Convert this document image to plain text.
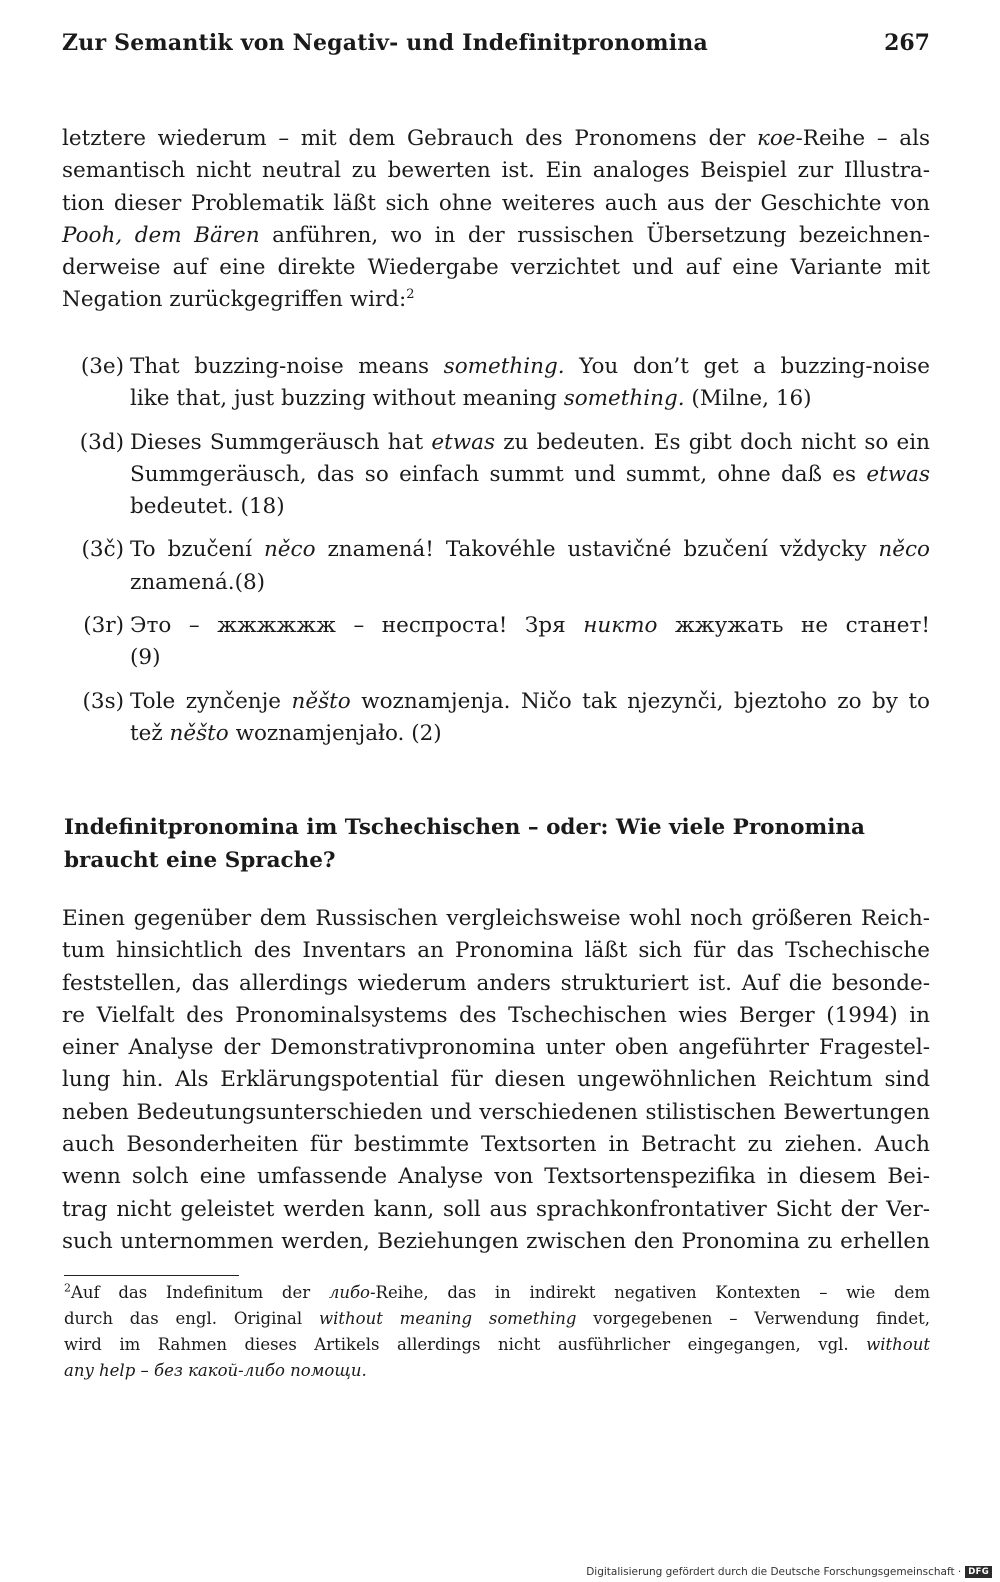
Zur Semantik von Negativ- und Indefinitpronomina	267

letztere wiederum – mit dem Gebrauch des Pronomens der кое-Reihe – als
semantisch nicht neutral zu bewerten ist. Ein analoges Beispiel zur Illustra-
tion dieser Problematik läßt sich ohne weiteres auch aus der Geschichte von
Pooh, dem Bären anführen, wo in der russischen Übersetzung bezeichnen-
derweise auf eine direkte Wiedergabe verzichtet und auf eine Variante mit
Negation zurückgegriffen wird:$^2$

(3e) That buzzing-noise means something. You don’t get a buzzing-noise
like that, just buzzing without meaning something. (Milne, 16)
(3d) Dieses Summgeräusch hat etwas zu bedeuten. Es gibt doch nicht so ein
Summgeräusch, das so einfach summt und summt, ohne daß es etwas
bedeutet. (18)
(3č) To bzučení něco znamená! Takovéhle ustavičné bzučení vždycky něco
znamená.(8)
(3r) Это – жжжжжж – неспроста! Зря никто жжужать не станет!
(9)
(3s) Tole zynčenje něšto woznamjenja. Ničo tak njezynči, bjeztoho zo by to
tež něšto woznamjenjało. (2)
Indefinitpronomina im Tschechischen – oder: Wie viele Pronomina
braucht eine Sprache?

Einen gegenüber dem Russischen vergleichsweise wohl noch größeren Reich-
tum hinsichtlich des Inventars an Pronomina läßt sich für das Tschechische
feststellen, das allerdings wiederum anders strukturiert ist. Auf die besonde-
re Vielfalt des Pronominalsystems des Tschechischen wies Berger (1994) in
einer Analyse der Demonstrativpronomina unter oben angeführter Fragestel-
lung hin. Als Erklärungspotential für diesen ungewöhnlichen Reichtum sind
neben Bedeutungsunterschieden und verschiedenen stilistischen Bewertungen
auch Besonderheiten für bestimmte Textsorten in Betracht zu ziehen. Auch
wenn solch eine umfassende Analyse von Textsortenspezifika in diesem Bei-
trag nicht geleistet werden kann, soll aus sprachkonfrontativer Sicht der Ver-
such unternommen werden, Beziehungen zwischen den Pronomina zu erhellen

$^2$Auf das Indefinitum der либо-Reihe, das in indirekt negativen Kontexten – wie dem
durch das engl. Original without meaning something vorgegebenen – Verwendung findet,
wird im Rahmen dieses Artikels allerdings nicht ausführlicher eingegangen, vgl. without
any help – без какой-либо помощи.
Digitalisierung gefördert durch die Deutsche Forschungsgemeinschaft · DFG
